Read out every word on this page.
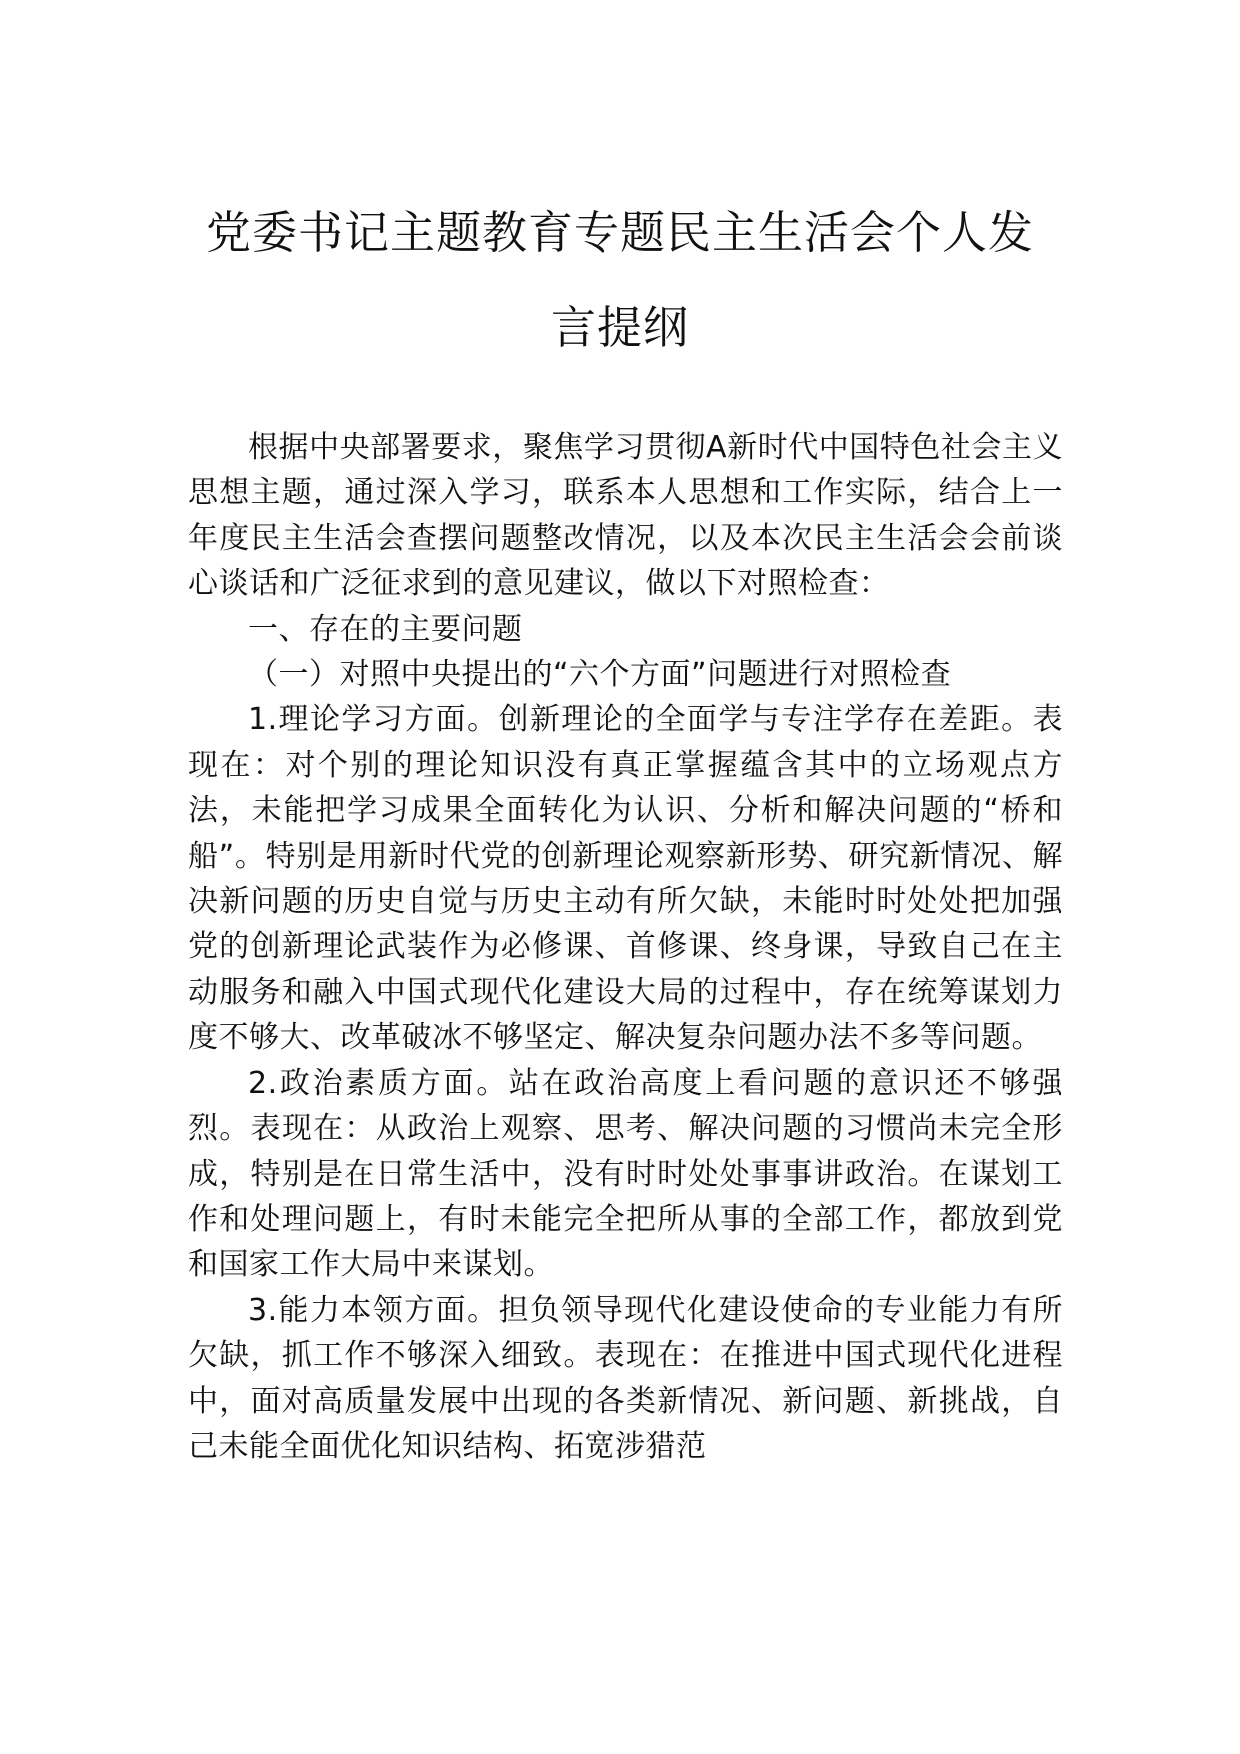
党委书记主题教育专题民主生活会个人发
言提纲

根据中央部署要求，聚焦学习贯彻A新时代中国特色社会主义思想主题，通过深入学习，联系本人思想和工作实际，结合上一年度民主生活会查摆问题整改情况，以及本次民主生活会会前谈心谈话和广泛征求到的意见建议，做以下对照检查：

一、存在的主要问题

（一）对照中央提出的“六个方面”问题进行对照检查

1.理论学习方面。创新理论的全面学与专注学存在差距。表现在：对个别的理论知识没有真正掌握蕴含其中的立场观点方法，未能把学习成果全面转化为认识、分析和解决问题的“桥和船”。特别是用新时代党的创新理论观察新形势、研究新情况、解决新问题的历史自觉与历史主动有所欠缺，未能时时处处把加强党的创新理论武装作为必修课、首修课、终身课，导致自己在主动服务和融入中国式现代化建设大局的过程中，存在统筹谋划力度不够大、改革破冰不够坚定、解决复杂问题办法不多等问题。

2.政治素质方面。站在政治高度上看问题的意识还不够强烈。表现在：从政治上观察、思考、解决问题的习惯尚未完全形成，特别是在日常生活中，没有时时处处事事讲政治。在谋划工作和处理问题上，有时未能完全把所从事的全部工作，都放到党和国家工作大局中来谋划。

3.能力本领方面。担负领导现代化建设使命的专业能力有所欠缺，抓工作不够深入细致。表现在：在推进中国式现代化进程中，面对高质量发展中出现的各类新情况、新问题、新挑战，自己未能全面优化知识结构、拓宽涉猎范
